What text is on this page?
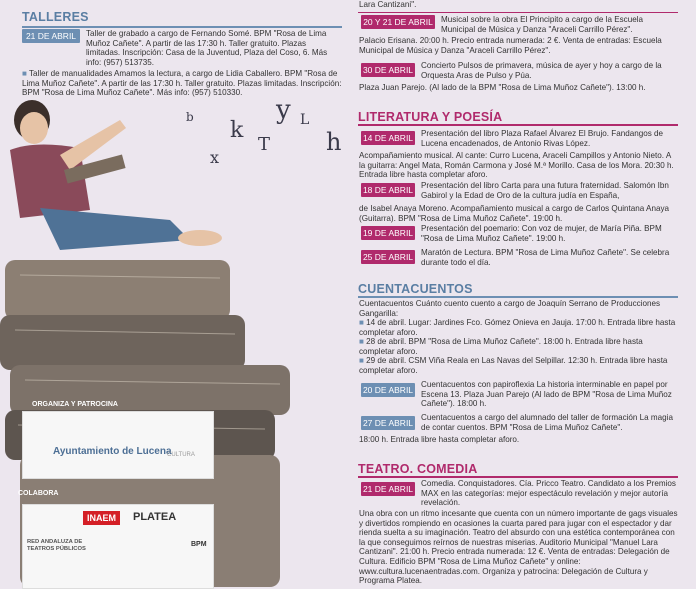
TALLERES
21 DE ABRIL	Taller de grabado a cargo de Fernando Somé. BPM "Rosa de Lima Muñoz Cañete". A partir de las 17:30 h. Taller gratuito. Plazas limitadas. Inscripción: Casa de la Juventud, Plaza del Coso, 6. Más info: (957) 513735.
■ Taller de manualidades Amamos la lectura, a cargo de Lidia Caballero. BPM "Rosa de Lima Muñoz Cañete". A partir de las 17:30 h. Taller gratuito. Plazas limitadas. Inscripción: BPM "Rosa de Lima Muñoz Cañete". Más info: (957) 510330.
y
k
T h
x
L
b
ORGANIZA Y PATROCINA
Ayuntamiento de Lucena
CULTURA
COLABORA
INAEM	PLATEA
RED ANDALUZA DE TEATROS PÚBLICOS
BPM
Lara Cantizani".
20 Y 21 DE ABRIL Musical sobre la obra El Principito a cargo de la Escuela Municipal de Música y Danza "Araceli Carrillo Pérez".
Palacio Erisana. 20:00 h. Precio entrada numerada: 2 €. Venta de entradas: Escuela Municipal de Música y Danza "Araceli Carrillo Pérez".
30 DE ABRIL Concierto Pulsos de primavera, música de ayer y hoy a cargo de la Orquesta Aras de Pulso y Púa.
Plaza Juan Parejo. (Al lado de la BPM "Rosa de Lima Muñoz Cañete"). 13:00 h.
LITERATURA Y POESÍA
14 DE ABRIL Presentación del libro Plaza Rafael Álvarez El Brujo. Fandangos de Lucena encadenados, de Antonio Rivas López.
Acompañamiento musical. Al cante: Curro Lucena, Araceli Campillos y Antonio Nieto. A la guitarra: Angel Mata, Román Carmona y José M.ª Morillo. Casa de los Mora. 20:30 h. Entrada libre hasta completar aforo.
18 DE ABRIL Presentación del libro Carta para una futura fraternidad. Salomón Ibn Gabirol y la Edad de Oro de la cultura judía en España,
de Isabel Anaya Moreno. Acompañamiento musical a cargo de Carlos Quintana Anaya (Guitarra). BPM "Rosa de Lima Muñoz Cañete". 19:00 h.
19 DE ABRIL Presentación del poemario: Con voz de mujer, de María Piña. BPM "Rosa de Lima Muñoz Cañete". 19:00 h.
25 DE ABRIL Maratón de Lectura. BPM "Rosa de Lima Muñoz Cañete". Se celebra durante todo el día.
CUENTACUENTOS
Cuentacuentos Cuánto cuento cuento a cargo de Joaquín Serrano de Producciones Gangarilla:
■ 14 de abril. Lugar: Jardines Fco. Gómez Onieva en Jauja. 17:00 h. Entrada libre hasta completar aforo.
■ 28 de abril. BPM "Rosa de Lima Muñoz Cañete". 18:00 h. Entrada libre hasta completar aforo.
■ 29 de abril. CSM Viña Reala en Las Navas del Selpillar. 12:30 h. Entrada libre hasta completar aforo.
20 DE ABRIL
Cuentacuentos con papiroflexia La historia interminable en papel por Escena 13. Plaza Juan Parejo (Al lado de BPM "Rosa de Lima Muñoz Cañete"). 18:00 h.
27 DE ABRIL
Cuentacuentos a cargo del alumnado del taller de formación La magia de contar cuentos. BPM "Rosa de Lima Muñoz Cañete".
18:00 h. Entrada libre hasta completar aforo.
TEATRO. COMEDIA
21 DE ABRIL
Comedia. Conquistadores. Cía. Pricco Teatro. Candidato a los Premios MAX en las categorías: mejor espectáculo revelación y mejor autoría revelación.
Una obra con un ritmo incesante que cuenta con un número importante de gags visuales y divertidos rompiendo en ocasiones la cuarta pared para jugar con el espectador y dar rienda suelta a su imaginación. Teatro del absurdo con una estética contemporánea con la que conseguimos reírnos de nuestras miserias. Auditorio Municipal "Manuel Lara Cantizani". 21:00 h. Precio entrada numerada: 12 €. Venta de entradas: Delegación de Cultura. Edificio BPM "Rosa de Lima Muñoz Cañete" y online: www.cultura.lucenaentradas.com. Organiza y patrocina: Delegación de Cultura y Programa Platea.
